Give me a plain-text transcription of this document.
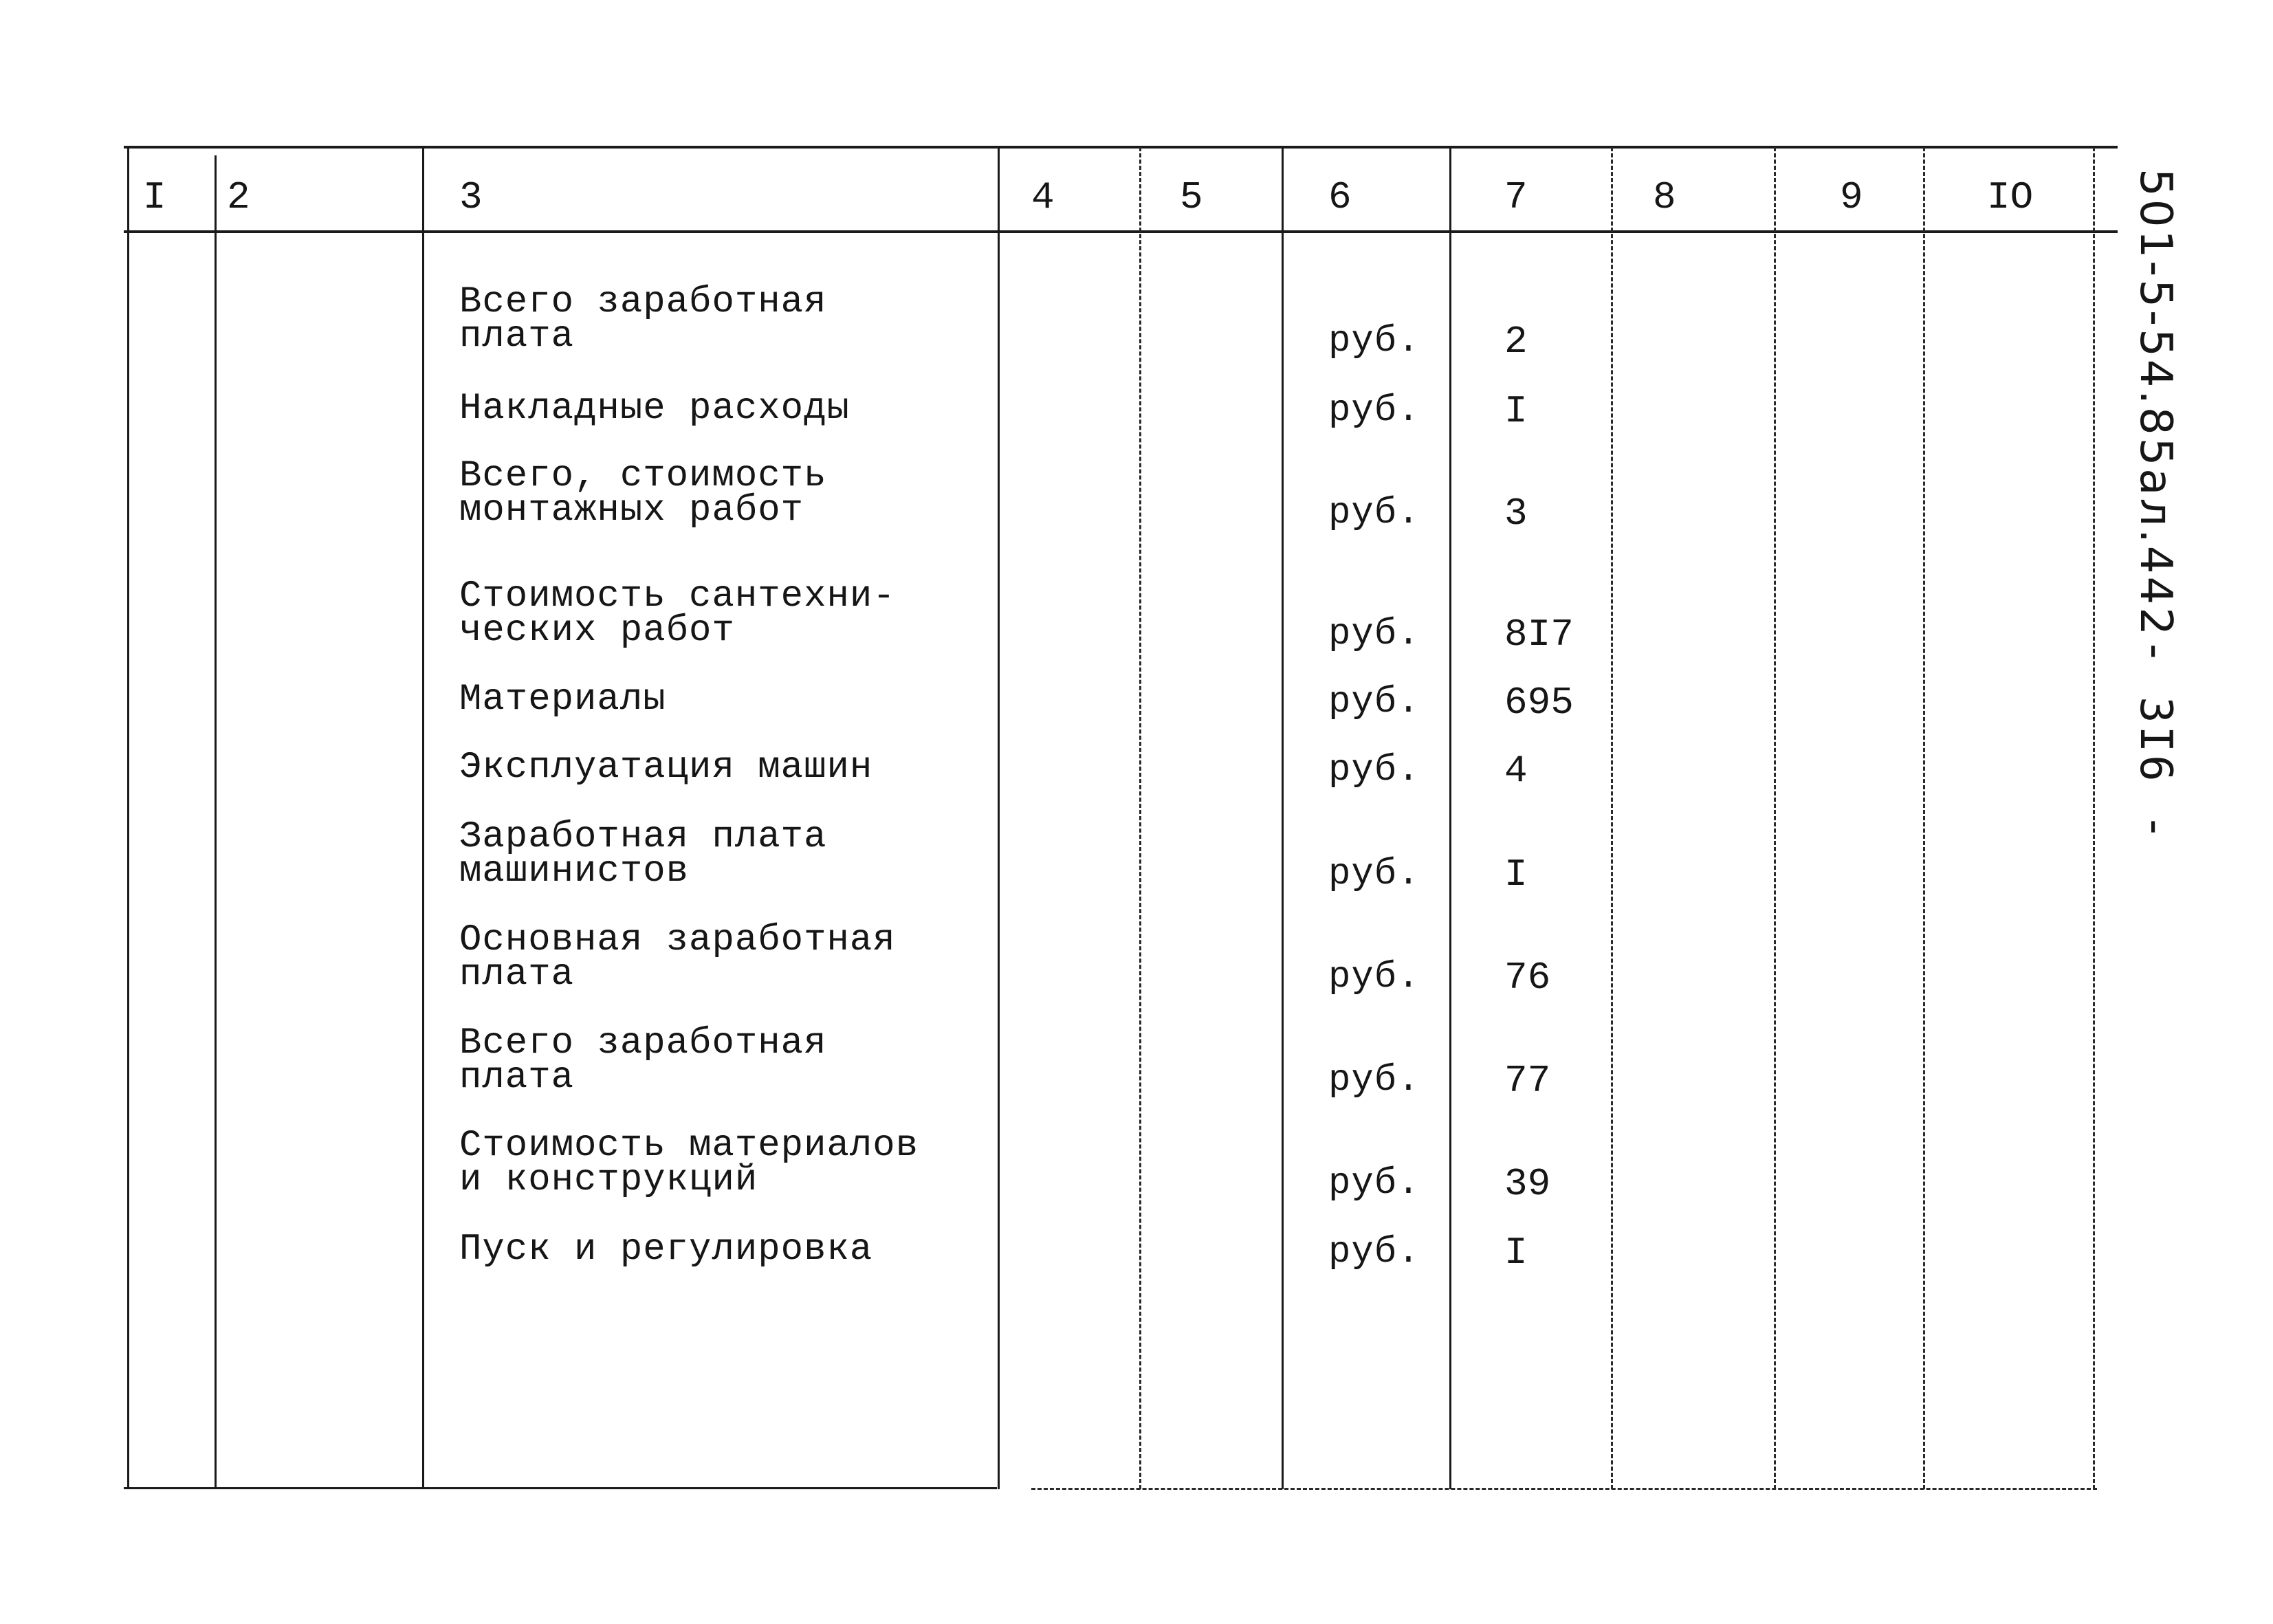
I 2	3	4	5	6	7	8	9	IO
Всего заработная
плата	руб. 2
Накладные расходы	руб. I
Всего, стоимость
монтажных работ	руб. 3
Стоимость сантехни-
ческих работ	руб. 8I7
Материалы	руб. 695
Эксплуатация машин	руб. 4
Заработная плата
машинистов	руб. I
Основная заработная
плата	руб. 76
Всего заработная
плата	руб. 77
Стоимость материалов
и конструкций	руб. 39
Пуск и регулировка	руб. I
501-5-54.85ал.442- 3I6 -
